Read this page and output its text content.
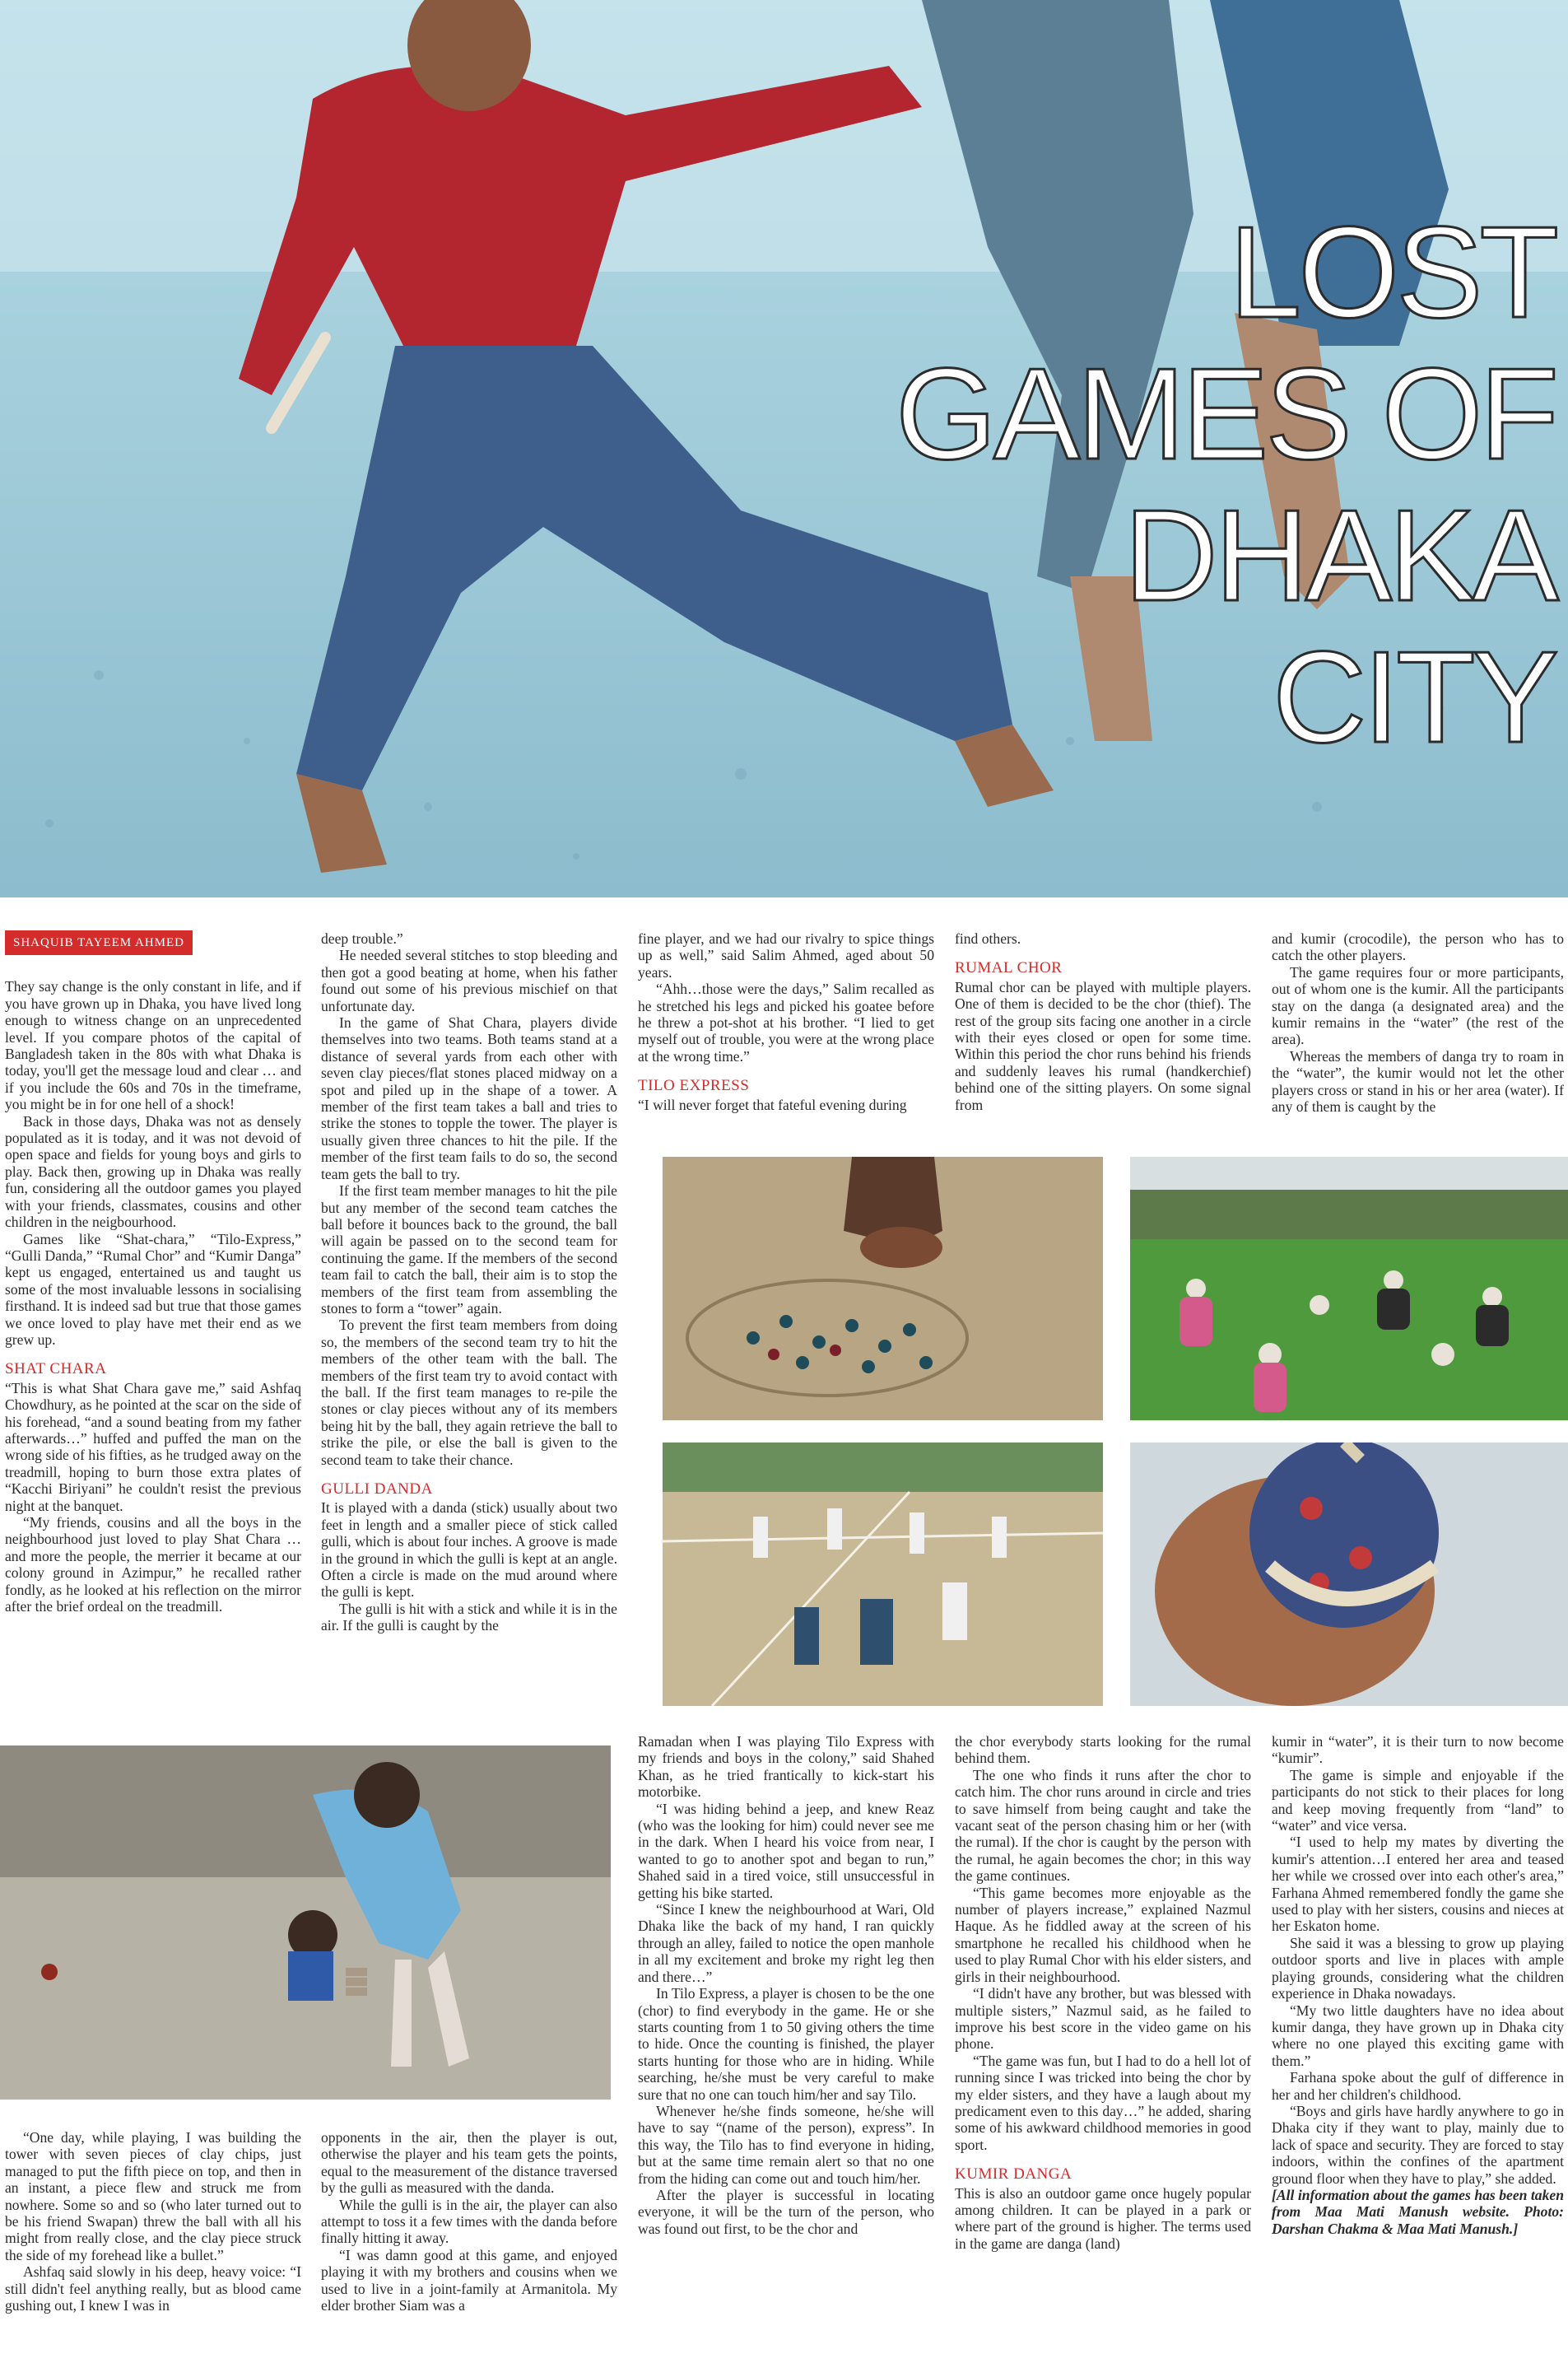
LOST
GAMES OF
DHAKA
CITY
SHAQUIB TAYEEM AHMED

They say change is the only constant in life, and if you have grown up in Dhaka, you have lived long enough to witness change on an unprecedented level. If you compare photos of the capital of Bangladesh taken in the 80s with what Dhaka is today, you'll get the message loud and clear … and if you include the 60s and 70s in the timeframe, you might be in for one hell of a shock!

Back in those days, Dhaka was not as densely populated as it is today, and it was not devoid of open space and fields for young boys and girls to play. Back then, growing up in Dhaka was really fun, considering all the outdoor games you played with your friends, classmates, cousins and other children in the neigbourhood.

Games like “Shat-chara,” “Tilo-Express,” “Gulli Danda,” “Rumal Chor” and “Kumir Danga” kept us engaged, entertained us and taught us some of the most invaluable lessons in socialising firsthand. It is indeed sad but true that those games we once loved to play have met their end as we grew up.

SHAT CHARA

“This is what Shat Chara gave me,” said Ashfaq Chowdhury, as he pointed at the scar on the side of his forehead, “and a sound beating from my father afterwards…” huffed and puffed the man on the wrong side of his fifties, as he trudged away on the treadmill, hoping to burn those extra plates of “Kacchi Biriyani” he couldn't resist the previous night at the banquet.

“My friends, cousins and all the boys in the neighbourhood just loved to play Shat Chara … and more the people, the merrier it became at our colony ground in Azimpur,” he recalled rather fondly, as he looked at his reflection on the mirror after the brief ordeal on the treadmill.

“One day, while playing, I was building the tower with seven pieces of clay chips, just managed to put the fifth piece on top, and then in an instant, a piece flew and struck me from nowhere. Some so and so (who later turned out to be his friend Swapan) threw the ball with all his might from really close, and the clay piece struck the side of my forehead like a bullet.”

Ashfaq said slowly in his deep, heavy voice: “I still didn't feel anything really, but as blood came gushing out, I knew I was in

deep trouble.”

He needed several stitches to stop bleeding and then got a good beating at home, when his father found out some of his previous mischief on that unfortunate day.

In the game of Shat Chara, players divide themselves into two teams. Both teams stand at a distance of several yards from each other with seven clay pieces/flat stones placed midway on a spot and piled up in the shape of a tower. A member of the first team takes a ball and tries to strike the stones to topple the tower. The player is usually given three chances to hit the pile. If the member of the first team fails to do so, the second team gets the ball to try.

If the first team member manages to hit the pile but any member of the second team catches the ball before it bounces back to the ground, the ball will again be passed on to the second team for continuing the game. If the members of the second team fail to catch the ball, their aim is to stop the members of the first team from assembling the stones to form a “tower” again.

To prevent the first team members from doing so, the members of the second team try to hit the members of the other team with the ball. The members of the first team try to avoid contact with the ball. If the first team manages to re-pile the stones or clay pieces without any of its members being hit by the ball, they again retrieve the ball to strike the pile, or else the ball is given to the second team to take their chance.

GULLI DANDA

It is played with a danda (stick) usually about two feet in length and a smaller piece of stick called gulli, which is about four inches. A groove is made in the ground in which the gulli is kept at an angle. Often a circle is made on the mud around where the gulli is kept.

The gulli is hit with a stick and while it is in the air. If the gulli is caught by the

opponents in the air, then the player is out, otherwise the player and his team gets the points, equal to the measurement of the distance traversed by the gulli as measured with the danda.

While the gulli is in the air, the player can also attempt to toss it a few times with the danda before finally hitting it away.

“I was damn good at this game, and enjoyed playing it with my brothers and cousins when we used to live in a joint-family at Armanitola. My elder brother Siam was a

fine player, and we had our rivalry to spice things up as well,” said Salim Ahmed, aged about 50 years.

“Ahh…those were the days,” Salim recalled as he stretched his legs and picked his goatee before he threw a pot-shot at his brother. “I lied to get myself out of trouble, you were at the wrong place at the wrong time.”

TILO EXPRESS

“I will never forget that fateful evening during

Ramadan when I was playing Tilo Express with my friends and boys in the colony,” said Shahed Khan, as he tried frantically to kick-start his motorbike.

“I was hiding behind a jeep, and knew Reaz (who was the looking for him) could never see me in the dark. When I heard his voice from near, I wanted to go to another spot and began to run,” Shahed said in a tired voice, still unsuccessful in getting his bike started.

“Since I knew the neighbourhood at Wari, Old Dhaka like the back of my hand, I ran quickly through an alley, failed to notice the open manhole in all my excitement and broke my right leg then and there…”

In Tilo Express, a player is chosen to be the one (chor) to find everybody in the game. He or she starts counting from 1 to 50 giving others the time to hide. Once the counting is finished, the player starts hunting for those who are in hiding. While searching, he/she must be very careful to make sure that no one can touch him/her and say Tilo.

Whenever he/she finds someone, he/she will have to say “(name of the person), express”. In this way, the Tilo has to find everyone in hiding, but at the same time remain alert so that no one from the hiding can come out and touch him/her.

After the player is successful in locating everyone, it will be the turn of the person, who was found out first, to be the chor and

find others.

RUMAL CHOR

Rumal chor can be played with multiple players. One of them is decided to be the chor (thief). The rest of the group sits facing one another in a circle with their eyes closed or open for some time. Within this period the chor runs behind his friends and suddenly leaves his rumal (handkerchief) behind one of the sitting players. On some signal from

the chor everybody starts looking for the rumal behind them.

The one who finds it runs after the chor to catch him. The chor runs around in circle and tries to save himself from being caught and take the vacant seat of the person chasing him or her (with the rumal). If the chor is caught by the person with the rumal, he again becomes the chor; in this way the game continues.

“This game becomes more enjoyable as the number of players increase,” explained Nazmul Haque. As he fiddled away at the screen of his smartphone he recalled his childhood when he used to play Rumal Chor with his elder sisters, and girls in their neighbourhood.

“I didn't have any brother, but was blessed with multiple sisters,” Nazmul said, as he failed to improve his best score in the video game on his phone.

“The game was fun, but I had to do a hell lot of running since I was tricked into being the chor by my elder sisters, and they have a laugh about my predicament even to this day…” he added, sharing some of his awkward childhood memories in good sport.

KUMIR DANGA

This is also an outdoor game once hugely popular among children. It can be played in a park or where part of the ground is higher. The terms used in the game are danga (land)

and kumir (crocodile), the person who has to catch the other players.

The game requires four or more participants, out of whom one is the kumir. All the participants stay on the danga (a designated area) and the kumir remains in the “water” (the rest of the area).

Whereas the members of danga try to roam in the “water”, the kumir would not let the other players cross or stand in his or her area (water). If any of them is caught by the

kumir in “water”, it is their turn to now become “kumir”.

The game is simple and enjoyable if the participants do not stick to their places for long and keep moving frequently from “land” to “water” and vice versa.

“I used to help my mates by diverting the kumir's attention…I entered her area and teased her while we crossed over into each other's area,” Farhana Ahmed remembered fondly the game she used to play with her sisters, cousins and nieces at her Eskaton home.

She said it was a blessing to grow up playing outdoor sports and live in places with ample playing grounds, considering what the children experience in Dhaka nowadays.

“My two little daughters have no idea about kumir danga, they have grown up in Dhaka city where no one played this exciting game with them.”

Farhana spoke about the gulf of difference in her and her children's childhood.

“Boys and girls have hardly anywhere to go in Dhaka city if they want to play, mainly due to lack of space and security. They are forced to stay indoors, within the confines of the apartment ground floor when they have to play,” she added.

[All information about the games has been taken from Maa Mati Manush website. Photo: Darshan Chakma & Maa Mati Manush.]
